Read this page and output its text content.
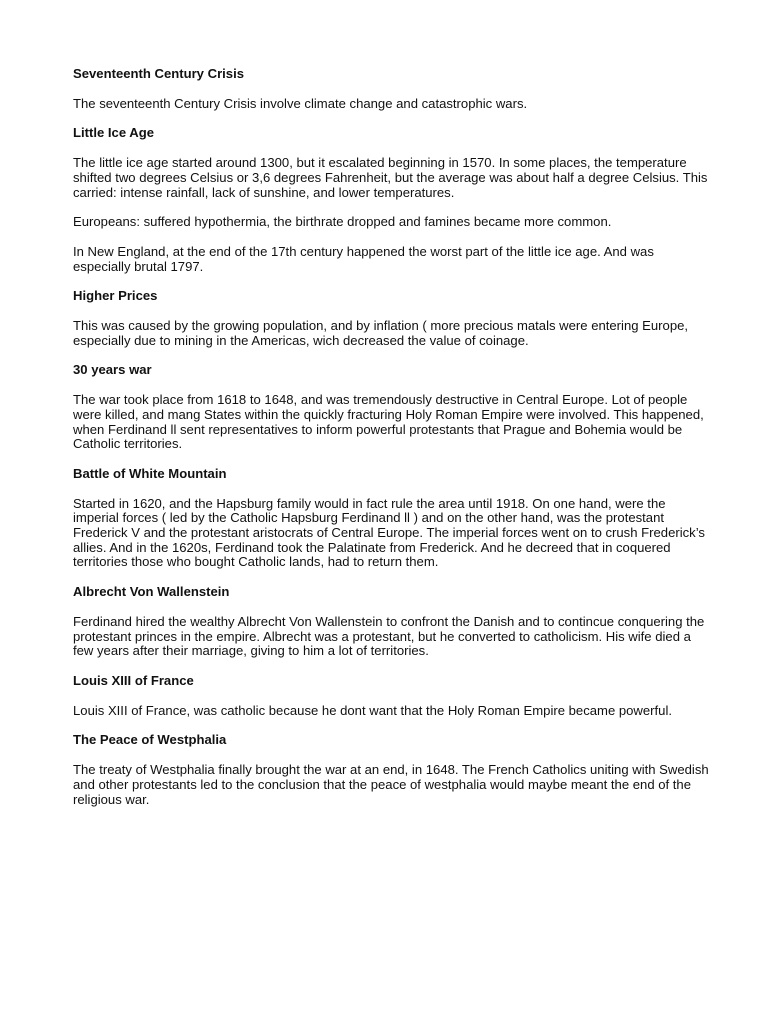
Seventeenth Century Crisis
The seventeenth Century Crisis involve climate change and catastrophic wars.
Little Ice Age
The little ice age started around 1300, but it escalated beginning in 1570. In some places, the temperature shifted two degrees Celsius or 3,6 degrees Fahrenheit, but the average was about half a degree Celsius. This carried: intense rainfall, lack of sunshine, and lower temperatures.
Europeans: suffered hypothermia, the birthrate dropped and famines became more common.
In New England, at the end of the 17th century happened the worst part of the little ice age. And was especially brutal 1797.
Higher Prices
This was caused by the growing population, and by inflation ( more precious matals were entering Europe, especially due to mining in the Americas, wich decreased the value of coinage.
30 years war
The war took place from 1618 to 1648, and was tremendously destructive in Central Europe. Lot of people were killed, and mang States within the quickly fracturing Holy Roman Empire were involved. This happened, when Ferdinand ll sent representatives to inform powerful protestants that Prague and Bohemia would be Catholic territories.
Battle of White Mountain
Started in 1620, and the Hapsburg family would in fact rule the area until 1918. On one hand, were the imperial forces ( led by the Catholic Hapsburg Ferdinand ll ) and on the other hand, was the protestant Frederick V and the protestant aristocrats of Central Europe. The imperial forces went on to crush Frederick’s allies. And in the 1620s, Ferdinand took the Palatinate from Frederick. And he decreed that in coquered territories those who bought Catholic lands, had to return them.
Albrecht Von Wallenstein
Ferdinand hired the wealthy Albrecht Von Wallenstein to confront the Danish and to contincue conquering the protestant princes in the empire. Albrecht was a protestant, but he converted to catholicism. His wife died a few years after their marriage, giving to him a lot of territories.
Louis XIII of France
Louis XIII of France, was catholic because he dont want that the Holy Roman Empire became powerful.
The Peace of Westphalia
The treaty of Westphalia finally brought the war at an end, in 1648. The French Catholics uniting with Swedish and other protestants led to the conclusion that the peace of westphalia would maybe meant the end of the religious war.
